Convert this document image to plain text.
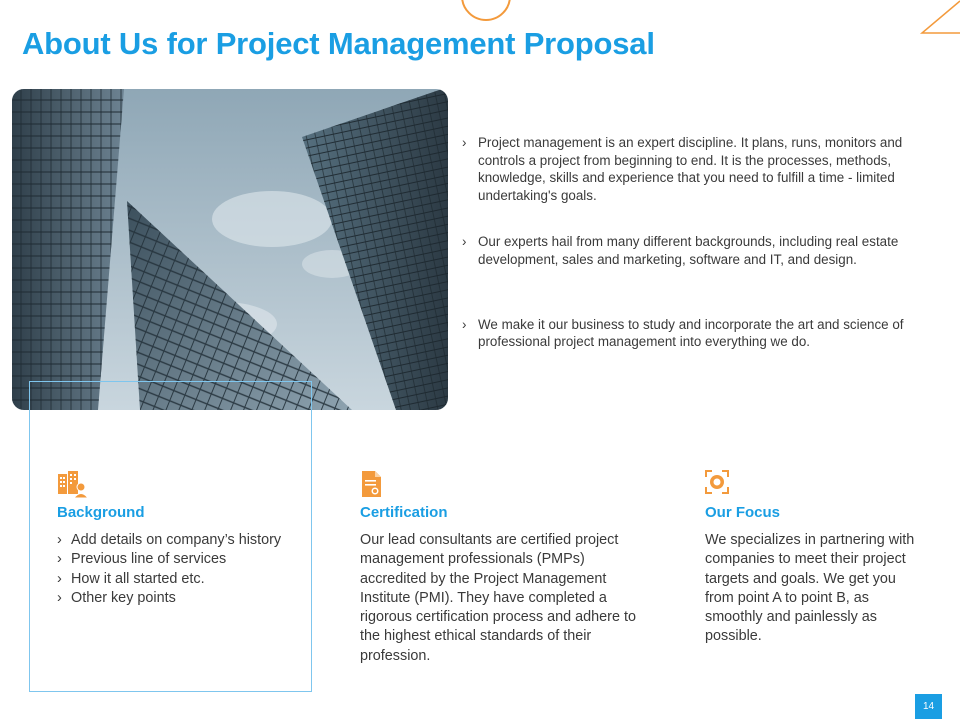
About Us for Project Management Proposal
› Project management is an expert discipline. It plans, runs, monitors and controls a project from beginning to end. It is the processes, methods, knowledge, skills and experience that you need to fulfill a time - limited undertaking's goals.
› Our experts hail from many different backgrounds, including real estate development, sales and marketing, software and IT, and design.
› We make it our business to study and incorporate the art and science of professional project management into everything we do.
Background
› Add details on company’s history
› Previous line of services
› How it all started etc.
› Other key points
Certification

Our lead consultants are certified project management professionals (PMPs) accredited by the Project Management Institute (PMI). They have completed a rigorous certification process and adhere to the highest ethical standards of their profession.

Our Focus

We specializes in partnering with companies to meet their project targets and goals. We get you from point A to point B, as smoothly and painlessly as possible.

14
